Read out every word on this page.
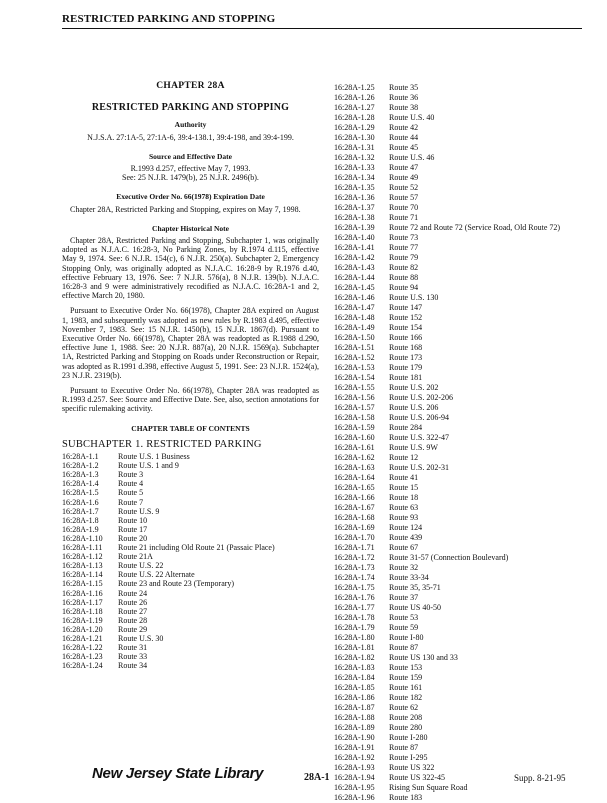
RESTRICTED PARKING AND STOPPING
CHAPTER 28A
RESTRICTED PARKING AND STOPPING
Authority
N.J.S.A. 27:1A-5, 27:1A-6, 39:4-138.1, 39:4-198, and 39:4-199.
Source and Effective Date
R.1993 d.257, effective May 7, 1993.
See: 25 N.J.R. 1479(b), 25 N.J.R. 2496(b).
Executive Order No. 66(1978) Expiration Date
Chapter 28A, Restricted Parking and Stopping, expires on May 7, 1998.
Chapter Historical Note
Chapter 28A, Restricted Parking and Stopping, Subchapter 1, was originally adopted as N.J.A.C. 16:28-3, No Parking Zones, by R.1974 d.115, effective May 9, 1974. See: 6 N.J.R. 154(c), 6 N.J.R. 250(a). Subchapter 2, Emergency Stopping Only, was originally adopted as N.J.A.C. 16:28-9 by R.1976 d.40, effective February 13, 1976. See: 7 N.J.R. 576(a), 8 N.J.R. 139(b). N.J.A.C. 16:28-3 and 9 were administratively recodified as N.J.A.C. 16:28A-1 and 2, effective March 20, 1980.
Pursuant to Executive Order No. 66(1978), Chapter 28A expired on August 1, 1983, and subsequently was adopted as new rules by R.1983 d.495, effective November 7, 1983. See: 15 N.J.R. 1450(b), 15 N.J.R. 1867(d). Pursuant to Executive Order No. 66(1978), Chapter 28A was readopted as R.1988 d.290, effective June 1, 1988. See: 20 N.J.R. 887(a), 20 N.J.R. 1569(a). Subchapter 1A, Restricted Parking and Stopping on Roads under Reconstruction or Repair, was adopted as R.1991 d.398, effective August 5, 1991. See: 23 N.J.R. 1524(a), 23 N.J.R. 2319(b).
Pursuant to Executive Order No. 66(1978), Chapter 28A was readopted as R.1993 d.257. See: Source and Effective Date. See, also, section annotations for specific rulemaking activity.
CHAPTER TABLE OF CONTENTS
SUBCHAPTER 1. RESTRICTED PARKING
16:28A-1.1	Route U.S. 1 Business
16:28A-1.2	Route U.S. 1 and 9
16:28A-1.3	Route 3
16:28A-1.4	Route 4
16:28A-1.5	Route 5
16:28A-1.6	Route 7
16:28A-1.7	Route U.S. 9
16:28A-1.8	Route 10
16:28A-1.9	Route 17
16:28A-1.10	Route 20
16:28A-1.11	Route 21 including Old Route 21 (Passaic Place)
16:28A-1.12	Route 21A
16:28A-1.13	Route U.S. 22
16:28A-1.14	Route U.S. 22 Alternate
16:28A-1.15	Route 23 and Route 23 (Temporary)
16:28A-1.16	Route 24
16:28A-1.17	Route 26
16:28A-1.18	Route 27
16:28A-1.19	Route 28
16:28A-1.20	Route 29
16:28A-1.21	Route U.S. 30
16:28A-1.22	Route 31
16:28A-1.23	Route 33
16:28A-1.24	Route 34
16:28A-1.25	Route 35
16:28A-1.26	Route 36
16:28A-1.27	Route 38
16:28A-1.28	Route U.S. 40
16:28A-1.29	Route 42
16:28A-1.30	Route 44
16:28A-1.31	Route 45
16:28A-1.32	Route U.S. 46
16:28A-1.33	Route 47
16:28A-1.34	Route 49
16:28A-1.35	Route 52
16:28A-1.36	Route 57
16:28A-1.37	Route 70
16:28A-1.38	Route 71
16:28A-1.39	Route 72 and Route 72 (Service Road, Old Route 72)
16:28A-1.40	Route 73
16:28A-1.41	Route 77
16:28A-1.42	Route 79
16:28A-1.43	Route 82
16:28A-1.44	Route 88
16:28A-1.45	Route 94
16:28A-1.46	Route U.S. 130
16:28A-1.47	Route 147
16:28A-1.48	Route 152
16:28A-1.49	Route 154
16:28A-1.50	Route 166
16:28A-1.51	Route 168
16:28A-1.52	Route 173
16:28A-1.53	Route 179
16:28A-1.54	Route 181
16:28A-1.55	Route U.S. 202
16:28A-1.56	Route U.S. 202-206
16:28A-1.57	Route U.S. 206
16:28A-1.58	Route U.S. 206-94
16:28A-1.59	Route 284
16:28A-1.60	Route U.S. 322-47
16:28A-1.61	Route U.S. 9W
16:28A-1.62	Route 12
16:28A-1.63	Route U.S. 202-31
16:28A-1.64	Route 41
16:28A-1.65	Route 15
16:28A-1.66	Route 18
16:28A-1.67	Route 63
16:28A-1.68	Route 93
16:28A-1.69	Route 124
16:28A-1.70	Route 439
16:28A-1.71	Route 67
16:28A-1.72	Route 31-57 (Connection Boulevard)
16:28A-1.73	Route 32
16:28A-1.74	Route 33-34
16:28A-1.75	Route 35, 35-71
16:28A-1.76	Route 37
16:28A-1.77	Route US 40-50
16:28A-1.78	Route 53
16:28A-1.79	Route 59
16:28A-1.80	Route I-80
16:28A-1.81	Route 87
16:28A-1.82	Route US 130 and 33
16:28A-1.83	Route 153
16:28A-1.84	Route 159
16:28A-1.85	Route 161
16:28A-1.86	Route 182
16:28A-1.87	Route 62
16:28A-1.88	Route 208
16:28A-1.89	Route 280
16:28A-1.90	Route I-280
16:28A-1.91	Route 87
16:28A-1.92	Route I-295
16:28A-1.93	Route US 322
16:28A-1.94	Route US 322-45
16:28A-1.95	Rising Sun Square Road
16:28A-1.96	Route 183
New Jersey State Library	28A-1	Supp. 8-21-95
